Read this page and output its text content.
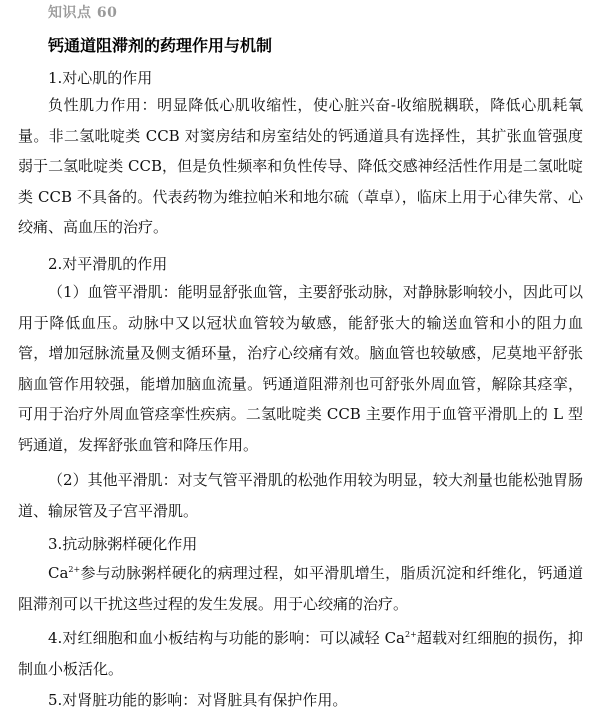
知识点 60
钙通道阻滞剂的药理作用与机制
1.对心肌的作用
负性肌力作用：明显降低心肌收缩性，使心脏兴奋-收缩脱耦联，降低心肌耗氧量。非二氢吡啶类 CCB 对窦房结和房室结处的钙通道具有选择性，其扩张血管强度弱于二氢吡啶类 CCB，但是负性频率和负性传导、降低交感神经活性作用是二氢吡啶类 CCB 不具备的。代表药物为维拉帕米和地尔硫（䓬卓），临床上用于心律失常、心绞痛、高血压的治疗。
2.对平滑肌的作用
（1）血管平滑肌：能明显舒张血管，主要舒张动脉，对静脉影响较小，因此可以用于降低血压。动脉中又以冠状血管较为敏感，能舒张大的输送血管和小的阻力血管，增加冠脉流量及侧支循环量，治疗心绞痛有效。脑血管也较敏感，尼莫地平舒张脑血管作用较强，能增加脑血流量。钙通道阻滞剂也可舒张外周血管，解除其痉挛，可用于治疗外周血管痉挛性疾病。二氢吡啶类 CCB 主要作用于血管平滑肌上的 L 型钙通道，发挥舒张血管和降压作用。
（2）其他平滑肌：对支气管平滑肌的松弛作用较为明显，较大剂量也能松弛胃肠道、输尿管及子宫平滑肌。
3.抗动脉粥样硬化作用
$Ca^{2+}$参与动脉粥样硬化的病理过程，如平滑肌增生，脂质沉淀和纤维化，钙通道阻滞剂可以干扰这些过程的发生发展。用于心绞痛的治疗。
4.对红细胞和血小板结构与功能的影响：可以减轻 $Ca^{2+}$超载对红细胞的损伤，抑制血小板活化。
5.对肾脏功能的影响：对肾脏具有保护作用。
